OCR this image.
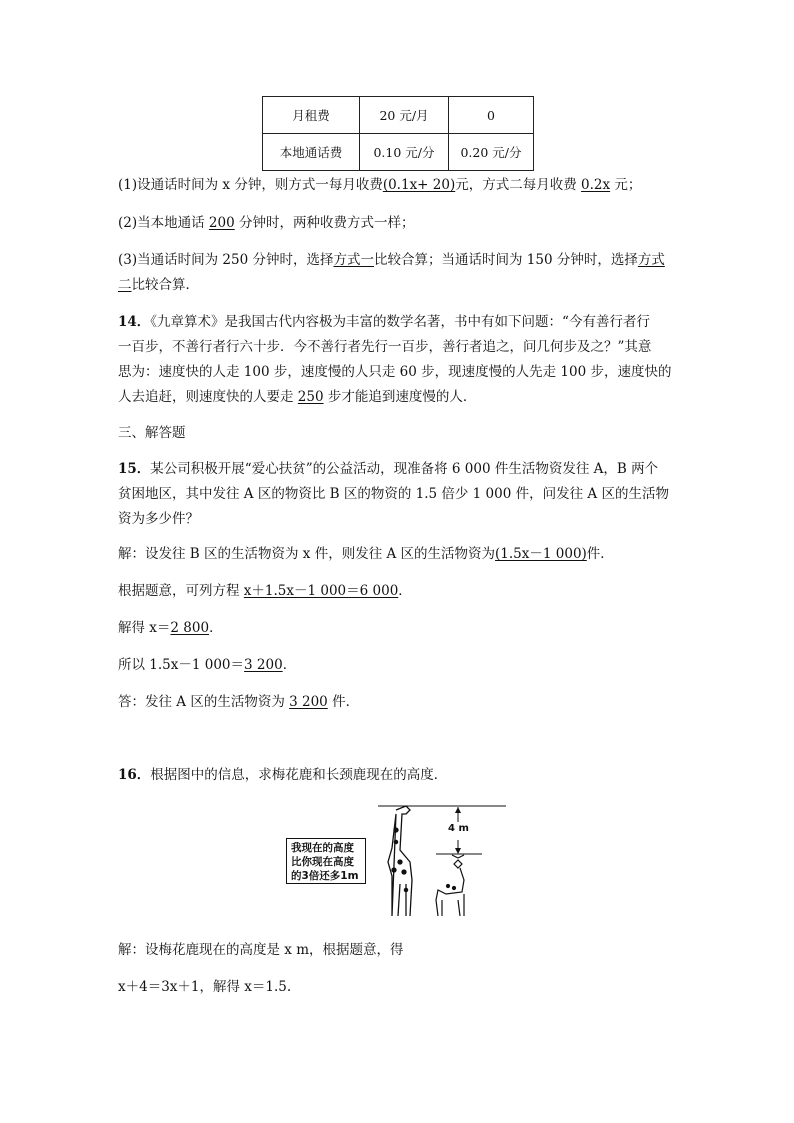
月租费	20 元/月	0
本地通话费	0.10 元/分	0.20 元/分
(1)设通话时间为 x 分钟，则方式一每月收费(0.1x+ 20)元，方式二每月收费 0.2x 元；
(2)当本地通话 200 分钟时，两种收费方式一样；
(3)当通话时间为 250 分钟时，选择方式一比较合算；当通话时间为 150 分钟时，选择方式
二比较合算．
14．《九章算术》是我国古代内容极为丰富的数学名著，书中有如下问题：“今有善行者行
一百步，不善行者行六十步．今不善行者先行一百步，善行者追之，问几何步及之？”其意
思为：速度快的人走 100 步，速度慢的人只走 60 步，现速度慢的人先走 100 步，速度快的
人去追赶，则速度快的人要走 250 步才能追到速度慢的人．
三、解答题
15．某公司积极开展“爱心扶贫”的公益活动，现准备将 6 000 件生活物资发往 A，B 两个
贫困地区，其中发往 A 区的物资比 B 区的物资的 1.5 倍少 1 000 件，问发往 A 区的生活物
资为多少件？
解：设发往 B 区的生活物资为 x 件，则发往 A 区的生活物资为(1.5x－1 000)件．
根据题意，可列方程 x＋1.5x－1 000＝6 000．
解得 x＝2 800．
所以 1.5x－1 000＝3 200．
答：发往 A 区的生活物资为 3 200 件．
16．根据图中的信息，求梅花鹿和长颈鹿现在的高度．
我现在的高度比你现在高度的3倍还多1m
4 m
解：设梅花鹿现在的高度是 x m，根据题意，得
x＋4＝3x＋1，解得 x＝1.5.
